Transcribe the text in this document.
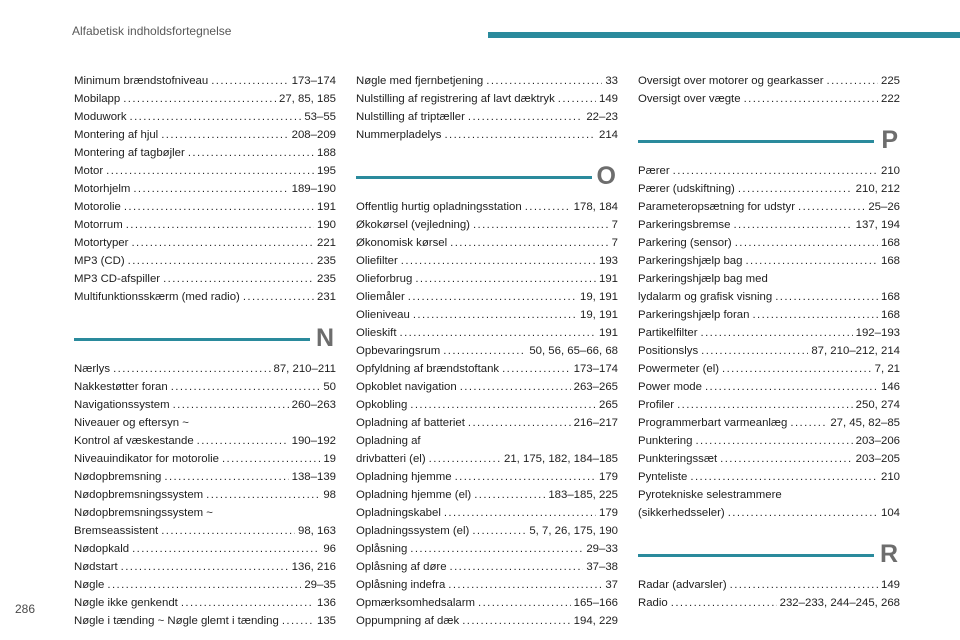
Alfabetisk indholdsfortegnelse
Minimum brændstofniveau .....	173–174
Mobilapp .....	27, 85, 185
Moduwork .....	53–55
Montering af hjul .....	208–209
Montering af tagbøjler .....	188
Motor .....	195
Motorhjelm .....	189–190
Motorolie .....	191
Motorrum .....	190
Motortyper .....	221
MP3 (CD) .....	235
MP3 CD-afspiller .....	235
Multifunktionsskærm (med radio) .....	231
N
Nærlys .....	87, 210–211
Nakkestøtter foran .....	50
Navigationssystem .....	260–263
Niveauer og eftersyn ~
Kontrol af væskestande .....	190–192
Niveauindikator for motorolie .....	19
Nødopbremsning .....	138–139
Nødopbremsningssystem .....	98
Nødopbremsningssystem ~
Bremseassistent .....	98, 163
Nødopkald .....	96
Nødstart .....	136, 216
Nøgle .....	29–35
Nøgle ikke genkendt .....	136
Nøgle i tænding ~ Nøgle glemt i tænding .....	135
Nøgle med fjernbetjening .....	33
Nulstilling af registrering af lavt dæktryk .....	149
Nulstilling af triptæller .....	22–23
Nummerpladelys .....	214
O
Offentlig hurtig opladningsstation .....	178, 184
Økokørsel (vejledning) .....	7
Økonomisk kørsel .....	7
Oliefilter .....	193
Olieforbrug .....	191
Oliemåler .....	19, 191
Olieniveau .....	19, 191
Olieskift .....	191
Opbevaringsrum .....	50, 56, 65–66, 68
Opfyldning af brændstoftank .....	173–174
Opkoblet navigation .....	263–265
Opkobling .....	265
Opladning af batteriet .....	216–217
Opladning af
drivbatteri (el) .....	21, 175, 182, 184–185
Opladning hjemme .....	179
Opladning hjemme (el) .....	183–185, 225
Opladningskabel .....	179
Opladningssystem (el) .....	5, 7, 26, 175, 190
Oplåsning .....	29–33
Oplåsning af døre .....	37–38
Oplåsning indefra .....	37
Opmærksomhedsalarm .....	165–166
Oppumpning af dæk .....	194, 229
Oversigt over motorer og gearkasser .....	225
Oversigt over vægte .....	222
P
Pærer .....	210
Pærer (udskiftning) .....	210, 212
Parameteropsætning for udstyr .....	25–26
Parkeringsbremse .....	137, 194
Parkering (sensor) .....	168
Parkeringshjælp bag .....	168
Parkeringshjælp bag med
lydalarm og grafisk visning .....	168
Parkeringshjælp foran .....	168
Partikelfilter .....	192–193
Positionslys .....	87, 210–212, 214
Powermeter (el) .....	7, 21
Power mode .....	146
Profiler .....	250, 274
Programmerbart varmeanlæg .....	27, 45, 82–85
Punktering .....	203–206
Punkteringssæt .....	203–205
Pynteliste .....	210
Pyrotekniske selestrammere
(sikkerhedsseler) .....	104
R
Radar (advarsler) .....	149
Radio .....	232–233, 244–245, 268
286
